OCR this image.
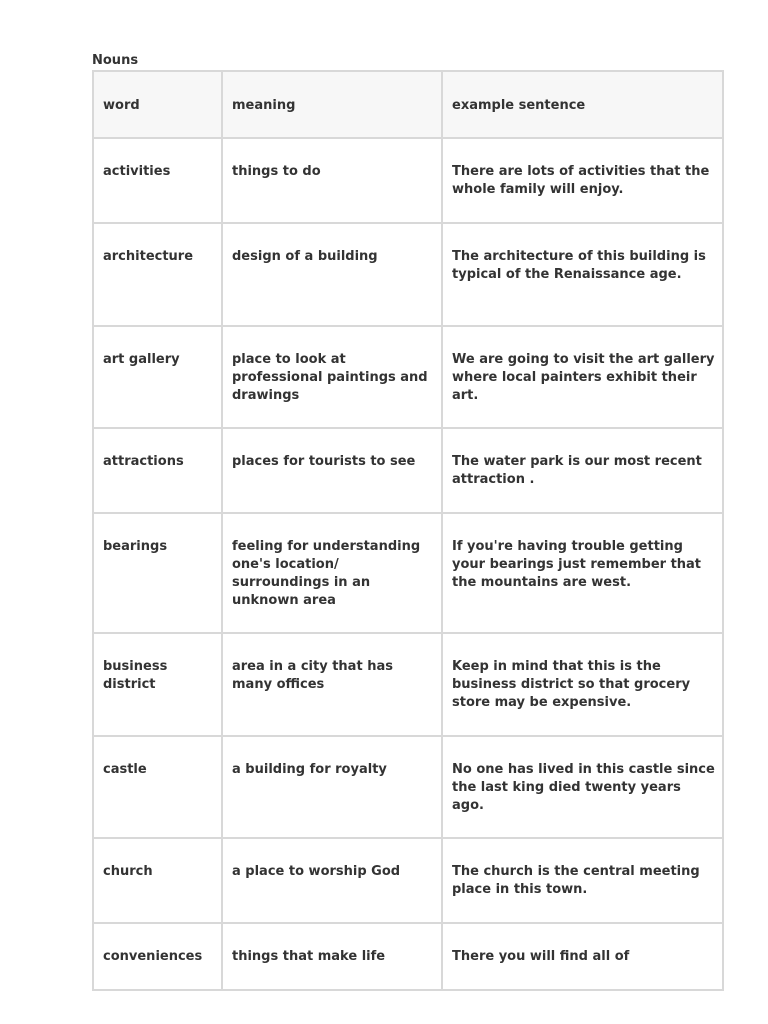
Nouns
word	meaning	example sentence
activities	things to do	There are lots of activities that the whole family will enjoy.
architecture	design of a building	The architecture of this building is typical of the Renaissance age.
art gallery	place to look at professional paintings and drawings	We are going to visit the art gallery where local painters exhibit their art.
attractions	places for tourists to see	The water park is our most recent attraction .
bearings	feeling for understanding one's location/ surroundings in an unknown area	If you're having trouble getting your bearings just remember that the mountains are west.
business district	area in a city that has many offices	Keep in mind that this is the business district so that grocery store may be expensive.
castle	a building for royalty	No one has lived in this castle since the last king died twenty years ago.
church	a place to worship God	The church is the central meeting place in this town.
conveniences	things that make life	There you will find all of
